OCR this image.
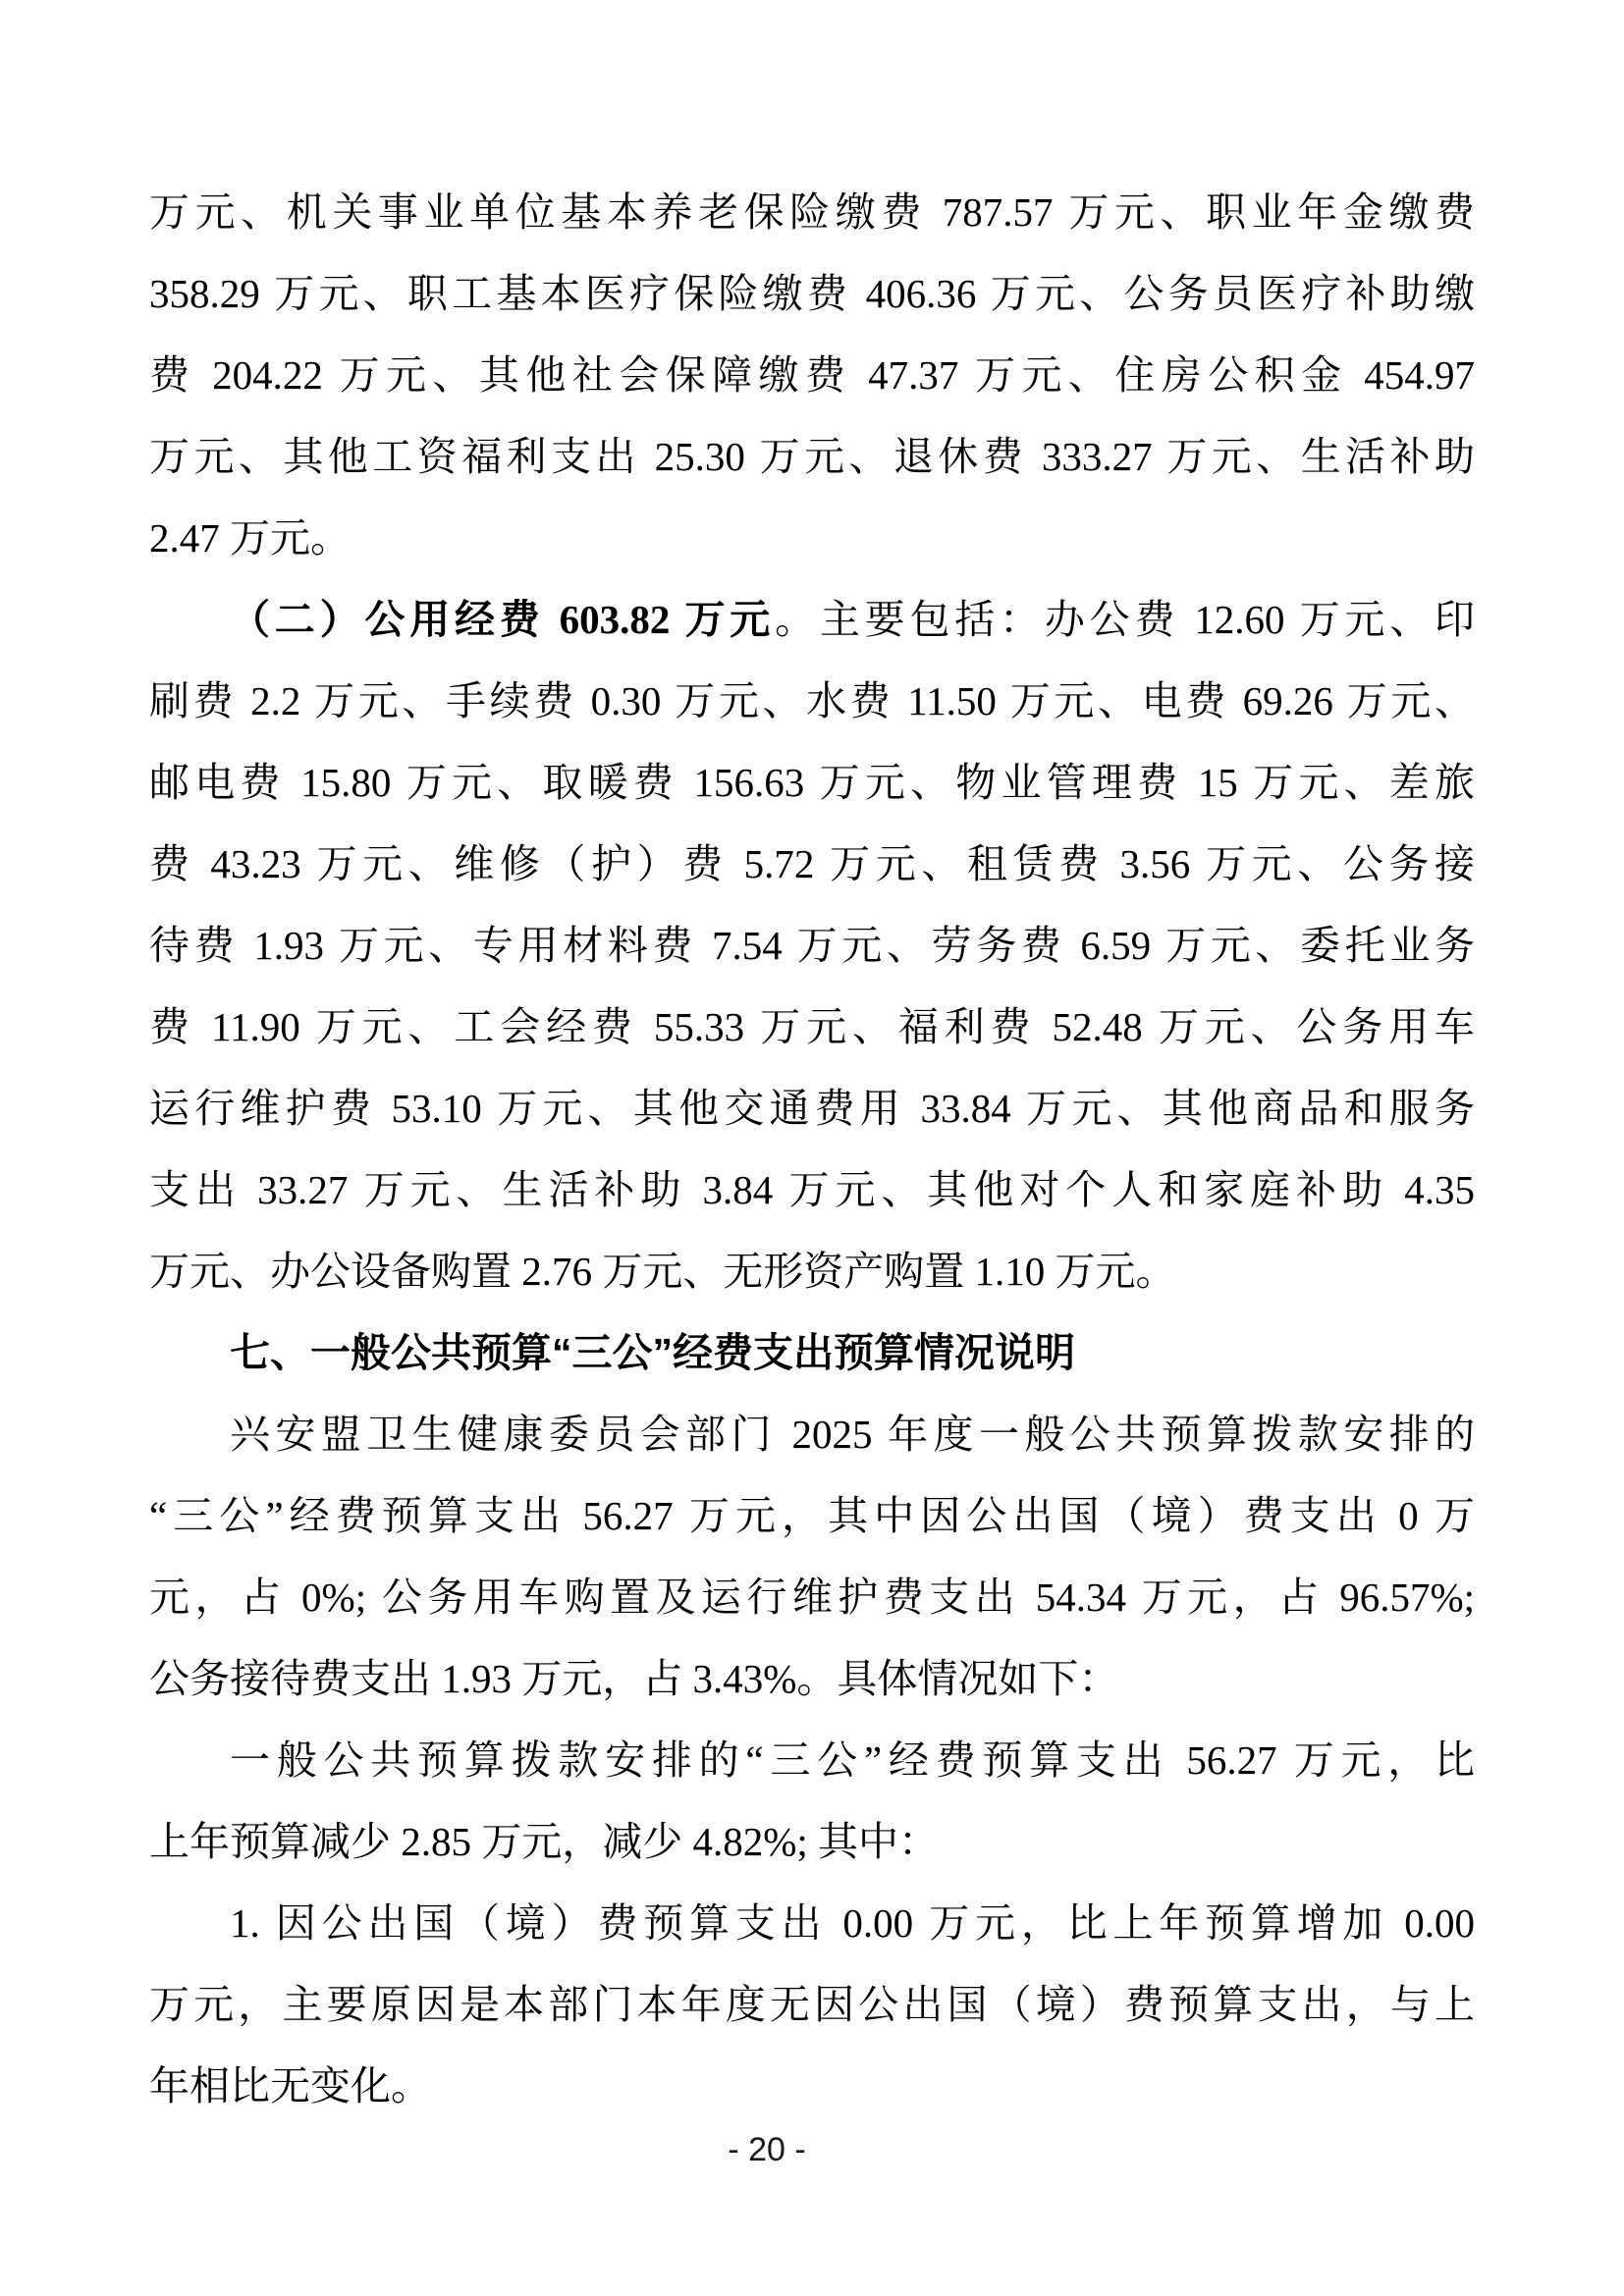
万元、机关事业单位基本养老保险缴费 787.57 万元、职业年金缴费
358.29 万元、职工基本医疗保险缴费 406.36 万元、公务员医疗补助缴
费 204.22 万元、其他社会保障缴费 47.37 万元、住房公积金 454.97
万元、其他工资福利支出 25.30 万元、退休费 333.27 万元、生活补助
2.47 万元。
（二）公用经费 603.82 万元。主要包括：办公费 12.60 万元、印
刷费 2.2 万元、手续费 0.30 万元、水费 11.50 万元、电费 69.26 万元、
邮电费 15.80 万元、取暖费 156.63 万元、物业管理费 15 万元、差旅
费 43.23 万元、维修（护）费 5.72 万元、租赁费 3.56 万元、公务接
待费 1.93 万元、专用材料费 7.54 万元、劳务费 6.59 万元、委托业务
费 11.90 万元、工会经费 55.33 万元、福利费 52.48 万元、公务用车
运行维护费 53.10 万元、其他交通费用 33.84 万元、其他商品和服务
支出 33.27 万元、生活补助 3.84 万元、其他对个人和家庭补助 4.35
万元、办公设备购置 2.76 万元、无形资产购置 1.10 万元。
七、一般公共预算“三公”经费支出预算情况说明
兴安盟卫生健康委员会部门 2025 年度一般公共预算拨款安排的
“三公”经费预算支出 56.27 万元，其中因公出国（境）费支出 0 万
元，占 0%; 公务用车购置及运行维护费支出 54.34 万元，占 96.57%;
公务接待费支出 1.93 万元，占 3.43%。具体情况如下：
一般公共预算拨款安排的“三公”经费预算支出 56.27 万元，比
上年预算减少 2.85 万元，减少 4.82%; 其中：
1. 因公出国（境）费预算支出 0.00 万元，比上年预算增加 0.00
万元，主要原因是本部门本年度无因公出国（境）费预算支出，与上
年相比无变化。
- 20 -
